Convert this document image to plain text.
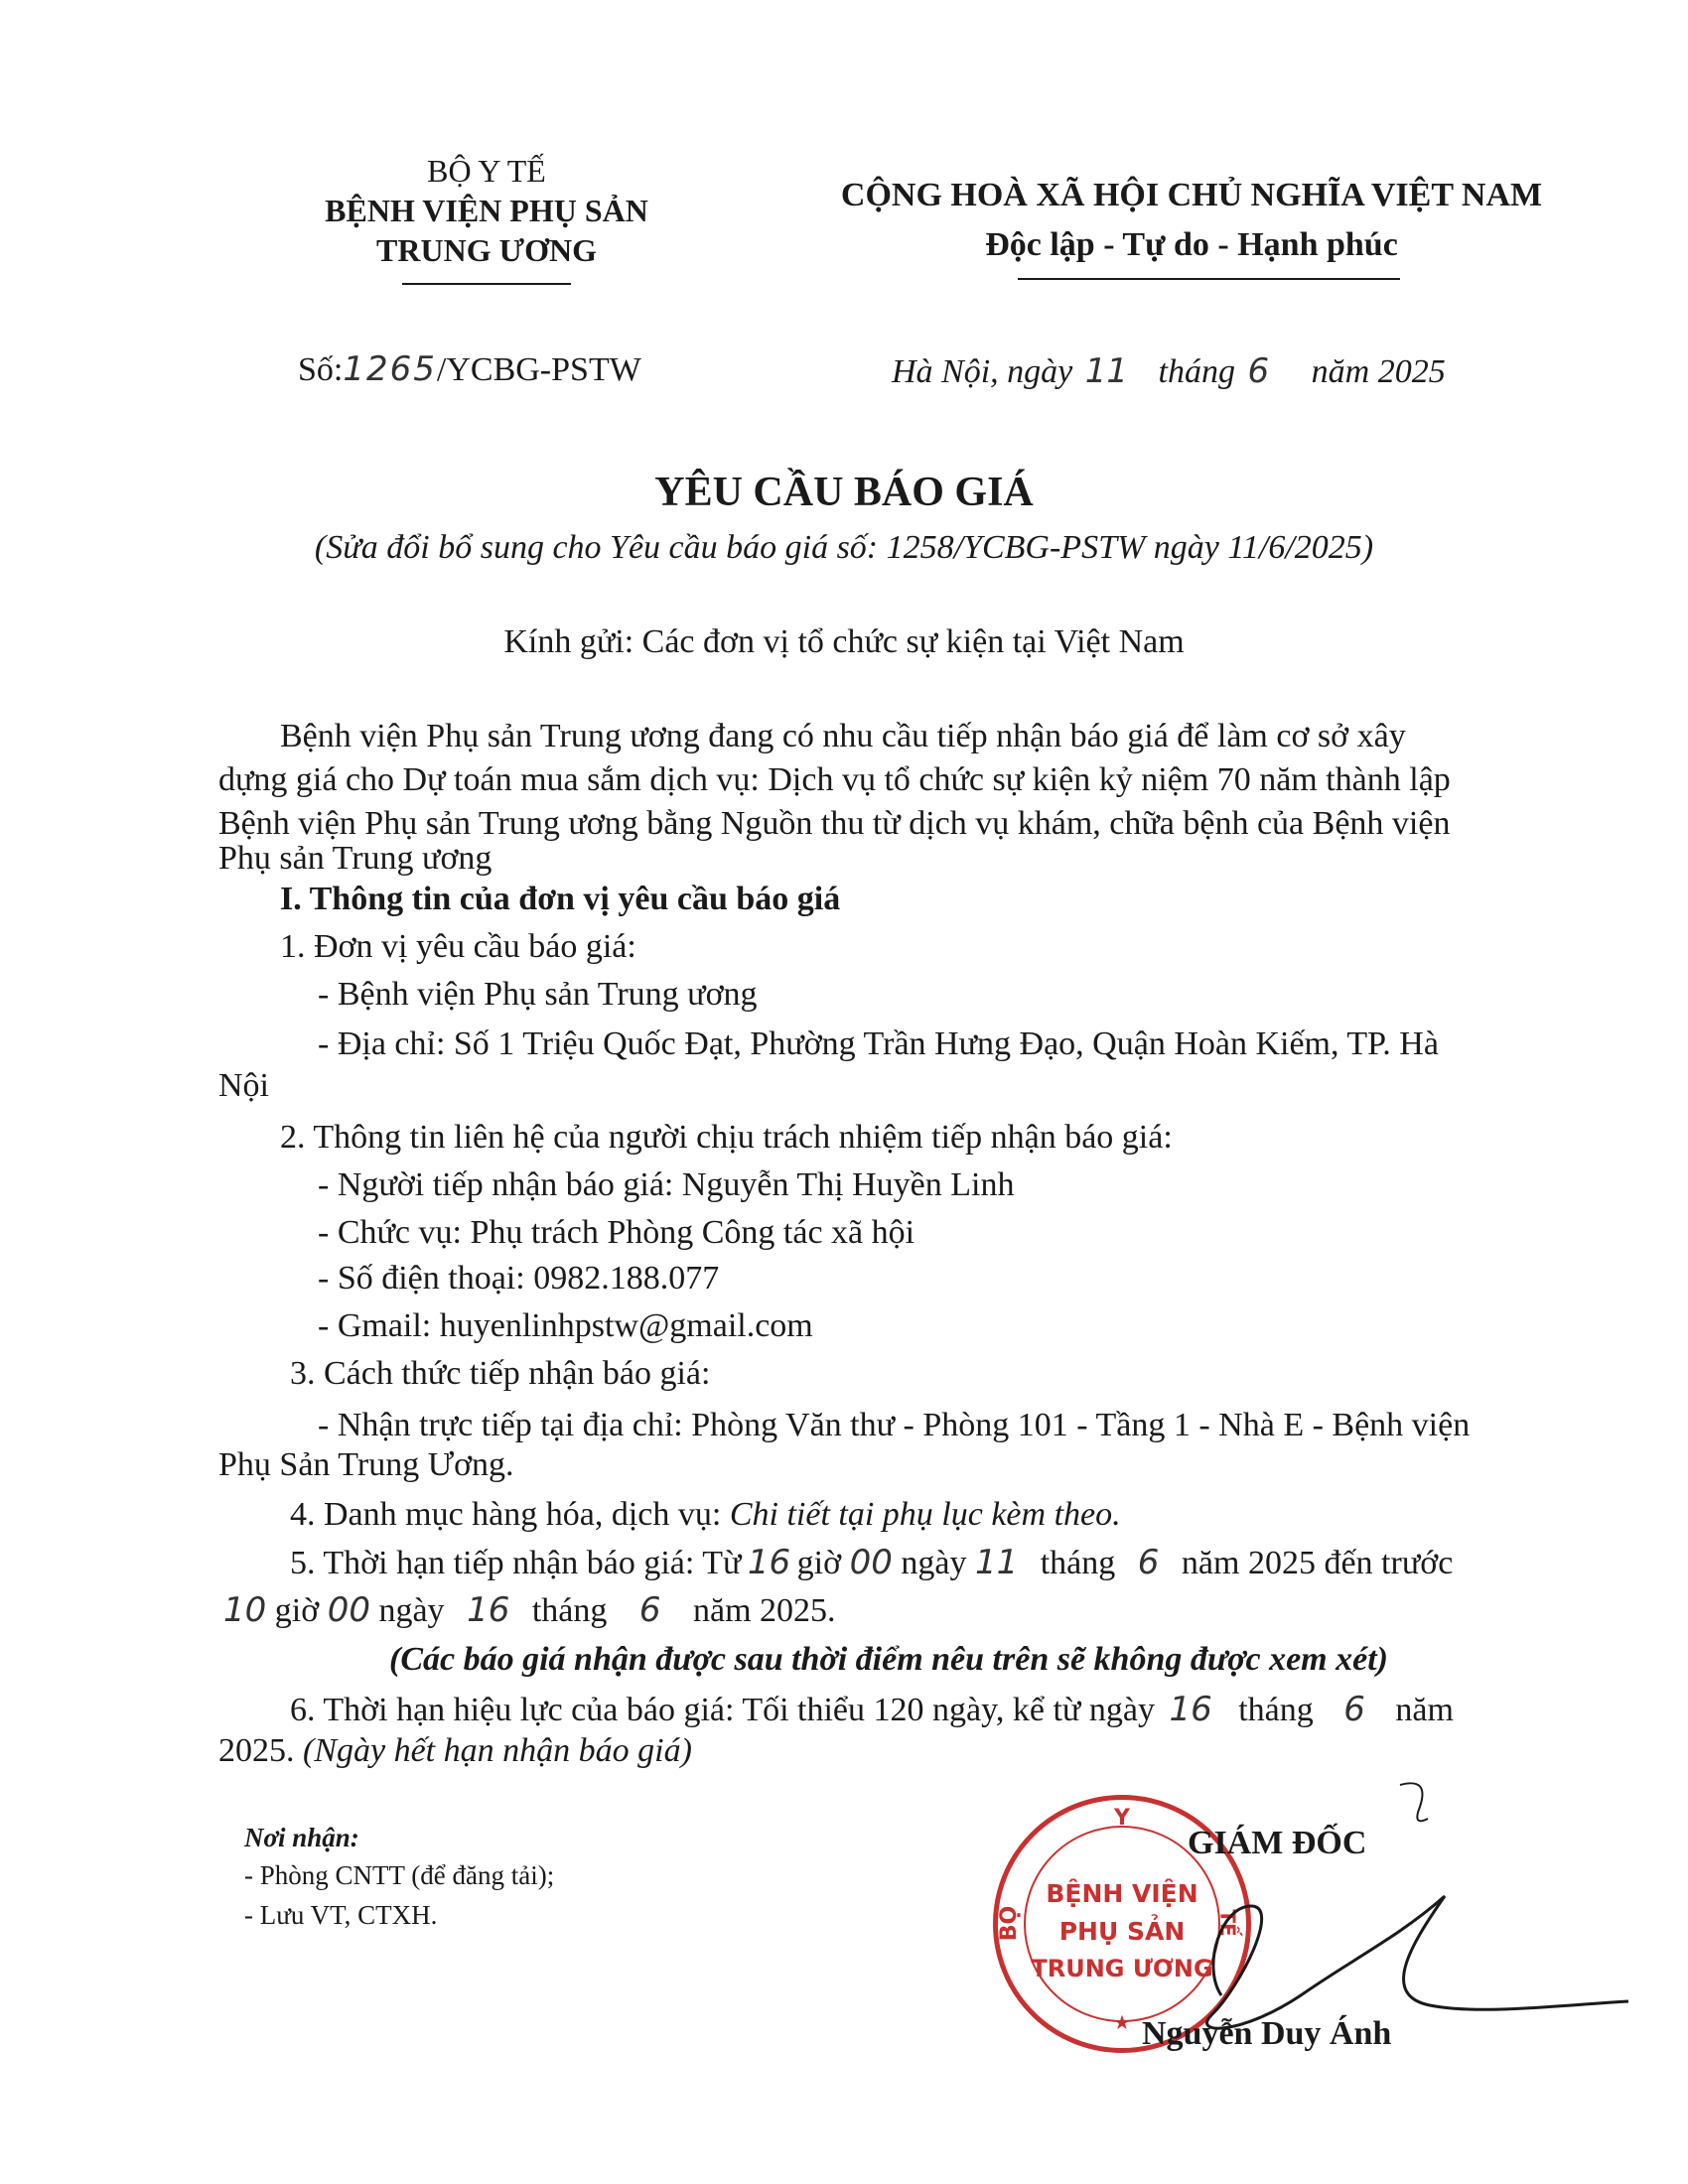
BỘ Y TẾ
BỆNH VIỆN PHỤ SẢN
TRUNG ƯƠNG
CỘNG HOÀ XÃ HỘI CHỦ NGHĨA VIỆT NAM
Độc lập - Tự do - Hạnh phúc
Số:1265/YCBG-PSTW	Hà Nội, ngày 11 tháng 6 năm 2025
YÊU CẦU BÁO GIÁ
(Sửa đổi bổ sung cho Yêu cầu báo giá số: 1258/YCBG-PSTW ngày 11/6/2025)
Kính gửi: Các đơn vị tổ chức sự kiện tại Việt Nam
Bệnh viện Phụ sản Trung ương đang có nhu cầu tiếp nhận báo giá để làm cơ sở xây
dựng giá cho Dự toán mua sắm dịch vụ: Dịch vụ tổ chức sự kiện kỷ niệm 70 năm thành lập
Bệnh viện Phụ sản Trung ương bằng Nguồn thu từ dịch vụ khám, chữa bệnh của Bệnh viện
Phụ sản Trung ương
I. Thông tin của đơn vị yêu cầu báo giá
1. Đơn vị yêu cầu báo giá:
- Bệnh viện Phụ sản Trung ương
- Địa chỉ: Số 1 Triệu Quốc Đạt, Phường Trần Hưng Đạo, Quận Hoàn Kiếm, TP. Hà
Nội
2. Thông tin liên hệ của người chịu trách nhiệm tiếp nhận báo giá:
- Người tiếp nhận báo giá: Nguyễn Thị Huyền Linh
- Chức vụ: Phụ trách Phòng Công tác xã hội
- Số điện thoại: 0982.188.077
- Gmail: huyenlinhpstw@gmail.com
3. Cách thức tiếp nhận báo giá:
- Nhận trực tiếp tại địa chỉ: Phòng Văn thư - Phòng 101 - Tầng 1 - Nhà E - Bệnh viện
Phụ Sản Trung Ương.
4. Danh mục hàng hóa, dịch vụ: Chi tiết tại phụ lục kèm theo.
5. Thời hạn tiếp nhận báo giá: Từ 16 giờ 00 ngày 11 tháng 6 năm 2025 đến trước
10 giờ 00 ngày 16 tháng 6 năm 2025.
(Các báo giá nhận được sau thời điểm nêu trên sẽ không được xem xét)
6. Thời hạn hiệu lực của báo giá: Tối thiểu 120 ngày, kể từ ngày 16 tháng 6 năm
2025. (Ngày hết hạn nhận báo giá)
Nơi nhận:
- Phòng CNTT (để đăng tải);
- Lưu VT, CTXH.
Y
BỘ	TẾ
BỆNH VIỆN
PHỤ SẢN
TRUNG ƯƠNG
★
GIÁM ĐỐC
Nguyễn Duy Ánh
